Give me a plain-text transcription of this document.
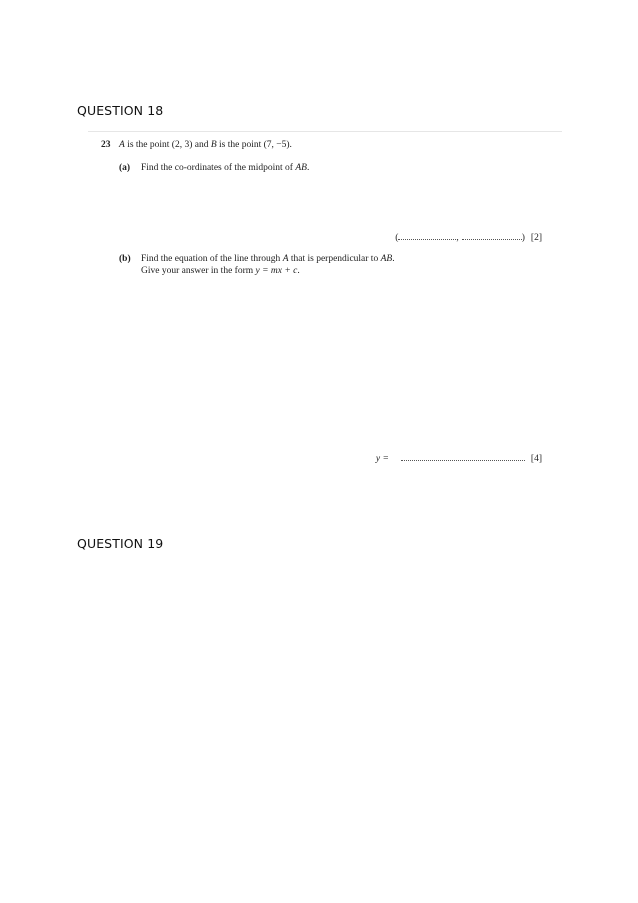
QUESTION 18
23 A is the point (2, 3) and B is the point (7, −5).
(a) Find the co-ordinates of the midpoint of AB.
(	,	) [2]
(b) Find the equation of the line through A that is perpendicular to AB.
Give your answer in the form y = mx + c.
y =	[4]
QUESTION 19
